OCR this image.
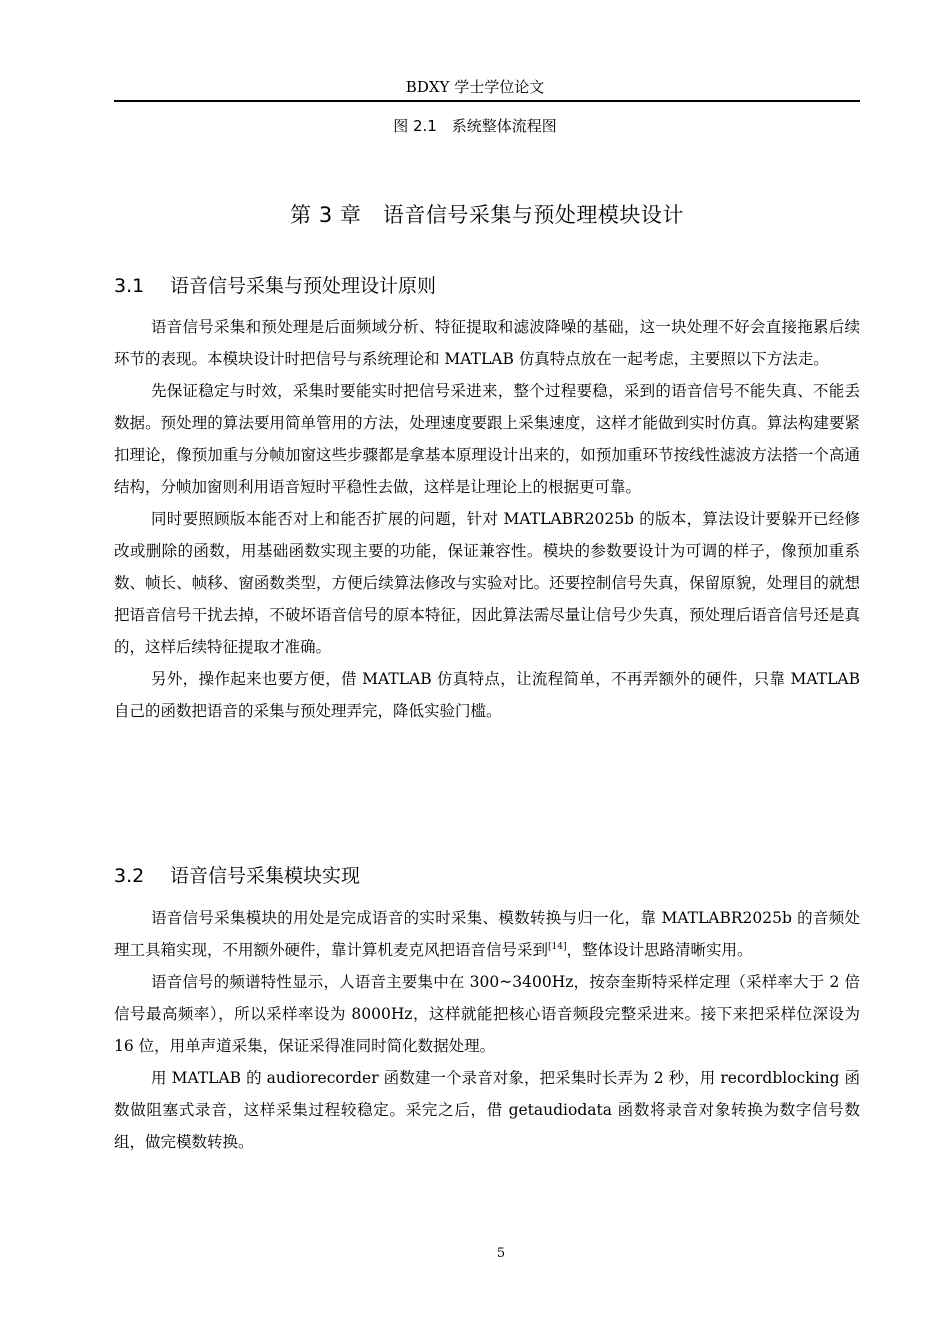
BDXY 学士学位论文
图 2.1　系统整体流程图
第 3 章　语音信号采集与预处理模块设计
3.1 语音信号采集与预处理设计原则

语音信号采集和预处理是后面频域分析、特征提取和滤波降噪的基础，这一块处理不好会直接拖累后续环节的表现。本模块设计时把信号与系统理论和 MATLAB 仿真特点放在一起考虑，主要照以下方法走。

先保证稳定与时效，采集时要能实时把信号采进来，整个过程要稳，采到的语音信号不能失真、不能丢数据。预处理的算法要用简单管用的方法，处理速度要跟上采集速度，这样才能做到实时仿真。算法构建要紧扣理论，像预加重与分帧加窗这些步骤都是拿基本原理设计出来的，如预加重环节按线性滤波方法搭一个高通结构，分帧加窗则利用语音短时平稳性去做，这样是让理论上的根据更可靠。

同时要照顾版本能否对上和能否扩展的问题，针对 MATLABR2025b 的版本，算法设计要躲开已经修改或删除的函数，用基础函数实现主要的功能，保证兼容性。模块的参数要设计为可调的样子，像预加重系数、帧长、帧移、窗函数类型，方便后续算法修改与实验对比。还要控制信号失真，保留原貌，处理目的就想把语音信号干扰去掉，不破坏语音信号的原本特征，因此算法需尽量让信号少失真，预处理后语音信号还是真的，这样后续特征提取才准确。

另外，操作起来也要方便，借 MATLAB 仿真特点，让流程简单，不再弄额外的硬件，只靠 MATLAB 自己的函数把语音的采集与预处理弄完，降低实验门槛。

3.2 语音信号采集模块实现

语音信号采集模块的用处是完成语音的实时采集、模数转换与归一化，靠 MATLABR2025b 的音频处理工具箱实现，不用额外硬件，靠计算机麦克风把语音信号采到[14]，整体设计思路清晰实用。

语音信号的频谱特性显示，人语音主要集中在 300~3400Hz，按奈奎斯特采样定理（采样率大于 2 倍信号最高频率），所以采样率设为 8000Hz，这样就能把核心语音频段完整采进来。接下来把采样位深设为 16 位，用单声道采集，保证采得准同时简化数据处理。

用 MATLAB 的 audiorecorder 函数建一个录音对象，把采集时长弄为 2 秒，用 recordblocking 函数做阻塞式录音，这样采集过程较稳定。采完之后，借 getaudiodata 函数将录音对象转换为数字信号数组，做完模数转换。

5
